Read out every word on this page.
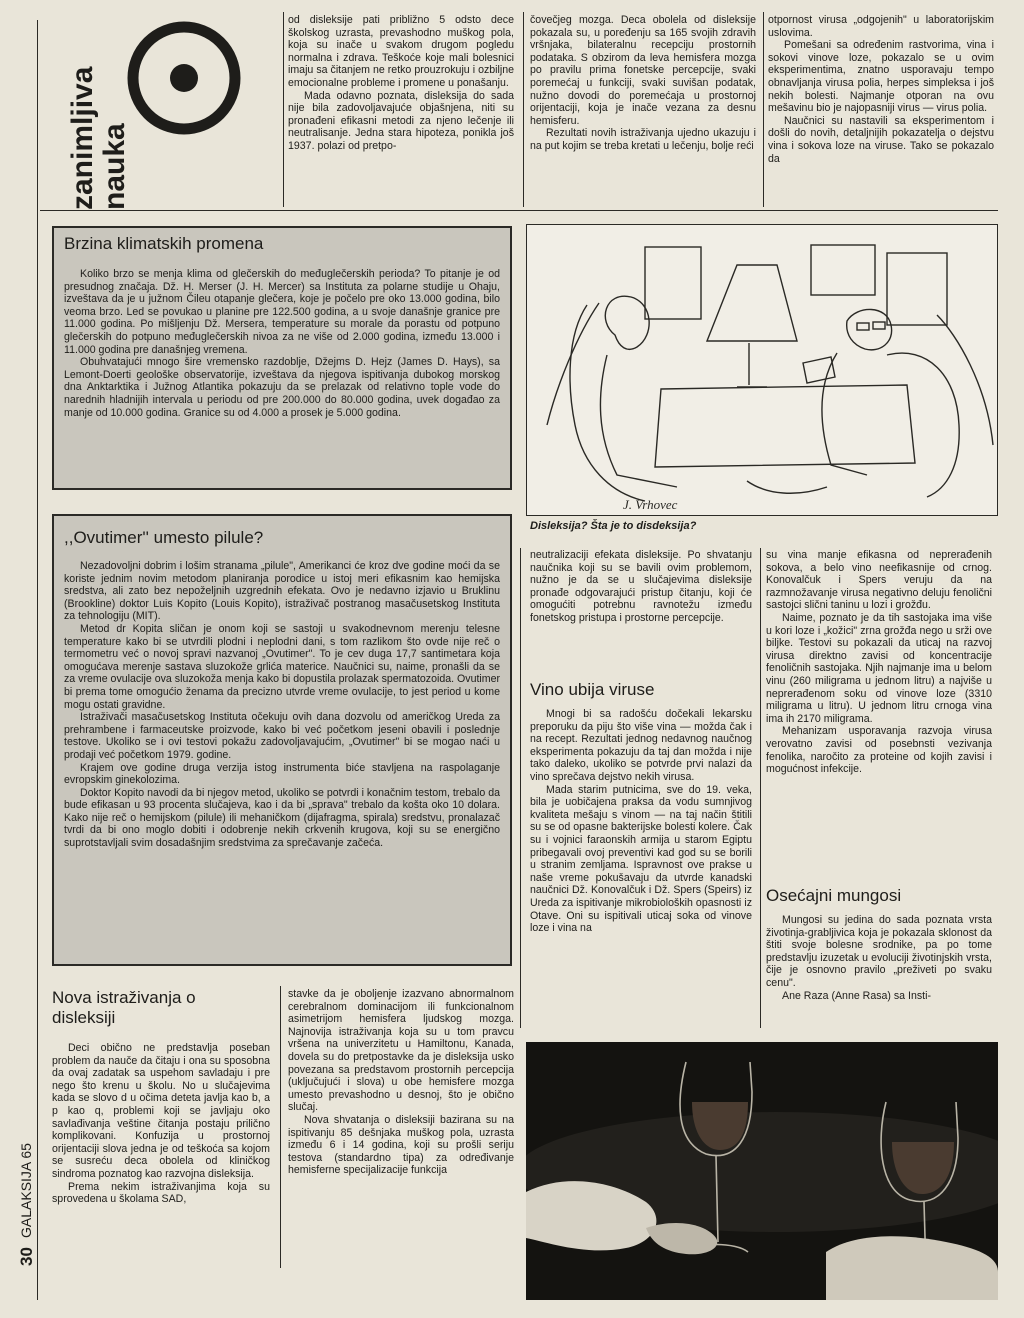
zanimljiva nauka

od disleksije pati približno 5 odsto dece školskog uzrasta, prevashodno muškog pola, koja su inače u svakom drugom pogledu normalna i zdrava. Teškoće koje mali bolesnici imaju sa čitanjem ne retko prouzrokuju i ozbiljne emocionalne probleme i promene u ponašanju.

Mada odavno poznata, disleksija do sada nije bila zadovoljavajuće objašnjena, niti su pronađeni efikasni metodi za njeno lečenje ili neutralisanje. Jedna stara hipoteza, ponikla još 1937. polazi od pretpo-

čovečjeg mozga. Deca obolela od disleksije pokazala su, u poređenju sa 165 svojih zdravih vršnjaka, bilateralnu recepciju prostornih podataka. S obzirom da leva hemisfera mozga po pravilu prima fonetske percepcije, svaki poremećaj u funkciji, svaki suvišan podatak, nužno dovodi do poremećaja u prostornoj orijentaciji, koja je inače vezana za desnu hemisferu.

Rezultati novih istraživanja ujedno ukazuju i na put kojim se treba kretati u lečenju, bolje reći

otpornost virusa „odgojenih" u laboratorijskim uslovima.

Pomešani sa određenim rastvorima, vina i sokovi vinove loze, pokazalo se u ovim eksperimentima, znatno usporavaju tempo obnavljanja virusa polia, herpes simpleksa i još nekih bolesti. Najmanje otporan na ovu mešavinu bio je najopasniji virus — virus polia.

Naučnici su nastavili sa eksperimentom i došli do novih, detaljnijih pokazatelja o dejstvu vina i sokova loze na viruse. Tako se pokazalo da

Brzina klimatskih promena

Koliko brzo se menja klima od glečerskih do međuglečerskih perioda? To pitanje je od presudnog značaja. Dž. H. Merser (J. H. Mercer) sa Instituta za polarne studije u Ohaju, izveštava da je u južnom Čileu otapanje glečera, koje je počelo pre oko 13.000 godina, bilo veoma brzo. Led se povukao u planine pre 122.500 godina, a u svoje današnje granice pre 11.000 godina. Po mišljenju Dž. Mersera, temperature su morale da porastu od potpuno glečerskih do potpuno međuglečerskih nivoa za ne više od 2.000 godina, između 13.000 i 11.000 godina pre današnjeg vremena.

Obuhvatajući mnogo šire vremensko razdoblje, Džejms D. Hejz (James D. Hays), sa Lemont-Doerti geološke observatorije, izveštava da njegova ispitivanja dubokog morskog dna Anktarktika i Južnog Atlantika pokazuju da se prelazak od relativno tople vode do narednih hladnijih intervala u periodu od pre 200.000 do 80.000 godina, uvek događao za manje od 10.000 godina. Granice su od 4.000 a prosek je 5.000 godina.

J. Vrhovec
Disleksija? Šta je to disdeksija?
,,Ovutimer'' umesto pilule?

Nezadovoljni dobrim i lošim stranama „pilule", Amerikanci će kroz dve godine moći da se koriste jednim novim metodom planiranja porodice u istoj meri efikasnim kao hemijska sredstva, ali zato bez nepoželjnih uzgrednih efekata. Ovo je nedavno izjavio u Bruklinu (Brookline) doktor Luis Kopito (Louis Kopito), istraživač postranog masačusetskog Instituta za tehnologiju (MIT).

Metod dr Kopita sličan je onom koji se sastoji u svakodnevnom merenju telesne temperature kako bi se utvrdili plodni i neplodni dani, s tom razlikom što ovde nije reč o termometru već o novoj spravi nazvanoj „Ovutimer". To je cev duga 17,7 santimetara koja omogućava merenje sastava sluzokože grlića materice. Naučnici su, naime, pronašli da se za vreme ovulacije ova sluzokoža menja kako bi dopustila prolazak spermatozoida. Ovutimer bi prema tome omogućio ženama da precizno utvrde vreme ovulacije, to jest period u kome mogu ostati gravidne.

Istraživači masačusetskog Instituta očekuju ovih dana dozvolu od američkog Ureda za prehrambene i farmaceutske proizvode, kako bi već početkom jeseni obavili i poslednje testove. Ukoliko se i ovi testovi pokažu zadovoljavajućim, „Ovutimer" bi se mogao naći u prodaji već početkom 1979. godine.

Krajem ove godine druga verzija istog instrumenta biće stavljena na raspolaganje evropskim ginekolozima.

Doktor Kopito navodi da bi njegov metod, ukoliko se potvrdi i konačnim testom, trebalo da bude efikasan u 93 procenta slučajeva, kao i da bi „sprava" trebalo da košta oko 10 dolara. Kako nije reč o hemijskom (pilule) ili mehaničkom (dijafragma, spirala) sredstvu, pronalazač tvrdi da bi ono moglo dobiti i odobrenje nekih crkvenih krugova, koji su se energično suprotstavljali svim dosadašnjim sredstvima za sprečavanje začeća.

neutralizaciji efekata disleksije. Po shvatanju naučnika koji su se bavili ovim problemom, nužno je da se u slučajevima disleksije pronađe odgovarajući pristup čitanju, koji će omogućiti potrebnu ravnotežu između fonetskog pristupa i prostorne percepcije.

Vino ubija viruse

Mnogi bi sa radošću dočekali lekarsku preporuku da piju što više vina — možda čak i na recept. Rezultati jednog nedavnog naučnog eksperimenta pokazuju da taj dan možda i nije tako daleko, ukoliko se potvrde prvi nalazi da vino sprečava dejstvo nekih virusa.

Mada starim putnicima, sve do 19. veka, bila je uobičajena praksa da vodu sumnjivog kvaliteta mešaju s vinom — na taj način štitili su se od opasne bakterijske bolesti kolere. Čak su i vojnici faraonskih armija u starom Egiptu pribegavali ovoj preventivi kad god su se borili u stranim zemljama. Ispravnost ove prakse u naše vreme pokušavaju da utvrde kanadski naučnici Dž. Konovalčuk i Dž. Spers (Speirs) iz Ureda za ispitivanje mikrobioloških opasnosti iz Otave. Oni su ispitivali uticaj soka od vinove loze i vina na

su vina manje efikasna od neprerađenih sokova, a belo vino neefikasnije od crnog. Konovalčuk i Spers veruju da na razmnožavanje virusa negativno deluju fenolični sastojci slični taninu u lozi i grožđu.

Naime, poznato je da tih sastojaka ima više u kori loze i „kožici" zrna grožđa nego u srži ove biljke. Testovi su pokazali da uticaj na razvoj virusa direktno zavisi od koncentracije fenoličnih sastojaka. Njih najmanje ima u belom vinu (260 miligrama u jednom litru) a najviše u neprerađenom soku od vinove loze (3310 miligrama u litru). U jednom litru crnoga vina ima ih 2170 miligrama.

Mehanizam usporavanja razvoja virusa verovatno zavisi od posebnsti vezivanja fenolika, naročito za proteine od kojih zavisi i mogućnost infekcije.

Osećajni mungosi

Mungosi su jedina do sada poznata vrsta životinja-grabljivica koja je pokazala sklonost da štiti svoje bolesne srodnike, pa po tome predstavlju izuzetak u evoluciji životinjskih vrsta, čije je osnovno pravilo „preživeti po svaku cenu".

Ane Raza (Anne Rasa) sa Insti-

Nova istraživanja o disleksiji

Deci obično ne predstavlja poseban problem da nauče da čitaju i ona su sposobna da ovaj zadatak sa uspehom savladaju i pre nego što krenu u školu. No u slučajevima kada se slovo d u očima deteta javlja kao b, a p kao q, problemi koji se javljaju oko savlađivanja veštine čitanja postaju prilično komplikovani. Konfuzija u prostornoj orijentaciji slova jedna je od teškoća sa kojom se susreću deca obolela od kliničkog sindroma poznatog kao razvojna disleksija.

Prema nekim istraživanjima koja su sprovedena u školama SAD,

stavke da je oboljenje izazvano abnormalnom cerebralnom dominacijom ili funkcionalnom asimetrijom hemisfera ljudskog mozga. Najnovija istraživanja koja su u tom pravcu vršena na univerzitetu u Hamiltonu, Kanada, dovela su do pretpostavke da je disleksija usko povezana sa predstavom prostornih percepcija (uključujući i slova) u obe hemisfere mozga umesto prevashodno u desnoj, što je obično slučaj.

Nova shvatanja o disleksiji bazirana su na ispitivanju 85 dešnjaka muškog pola, uzrasta između 6 i 14 godina, koji su prošli seriju testova (standardno tipa) za određivanje hemisferne specijalizacije funkcija

30
GALAKSIJA 65
